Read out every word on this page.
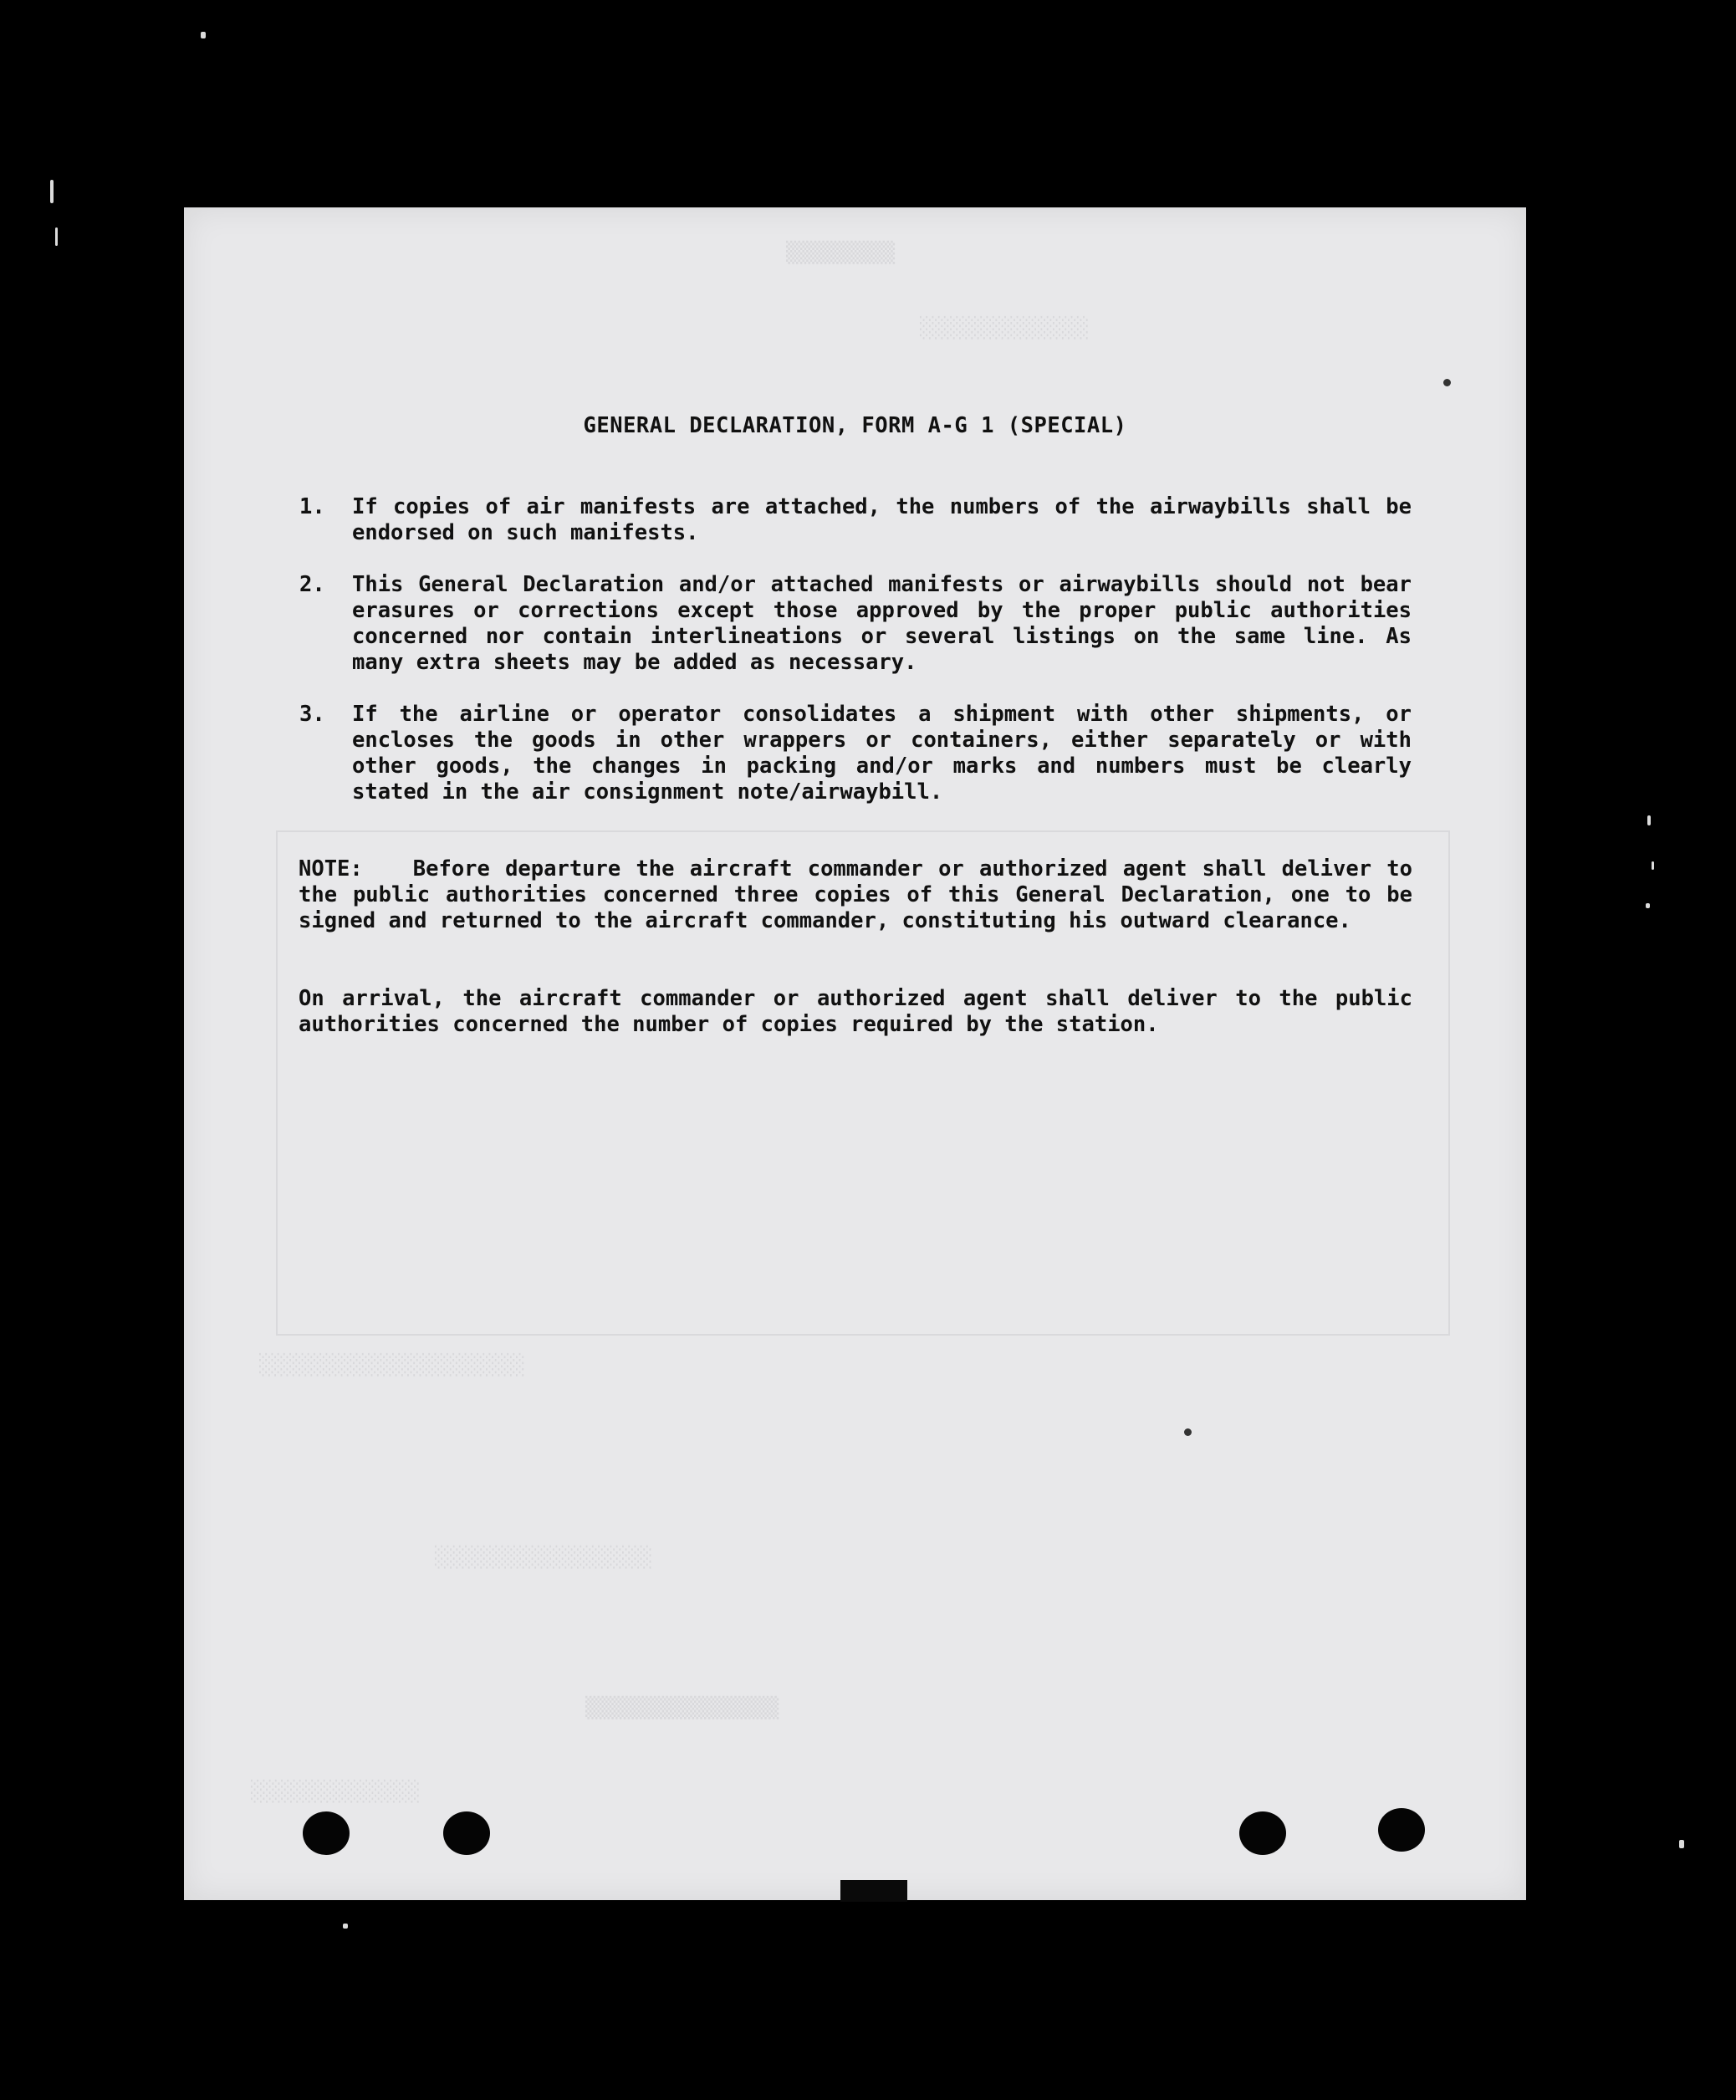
▒▒▒▒▒▒▒▒▒
░░░░░░░░░░░░░░
░░░░░░░░░░░░░░░░░░░░░░
░░░░░░░░░░░░░░░░░░
▒▒▒▒▒▒▒▒▒▒▒▒▒▒▒▒
░░░░░░░░░░░░░░
GENERAL DECLARATION, FORM A-G 1 (SPECIAL)
1.	If copies of air manifests are attached, the numbers of the airwaybills shall be endorsed on such manifests.
2.	This General Declaration and/or attached manifests or airwaybills should not bear erasures or corrections except those approved by the proper public authorities concerned nor contain interlineations or several listings on the same line. As many extra sheets may be added as necessary.
3.	If the airline or operator consolidates a shipment with other shipments, or encloses the goods in other wrappers or containers, either separately or with other goods, the changes in packing and/or marks and numbers must be clearly stated in the air consignment note/airwaybill.
NOTE: Before departure the aircraft commander or authorized agent shall deliver to the public authorities concerned three copies of this General Declaration, one to be signed and returned to the aircraft commander, constituting his outward clearance.
On arrival, the aircraft commander or authorized agent shall deliver to the public authorities concerned the number of copies required by the station.
